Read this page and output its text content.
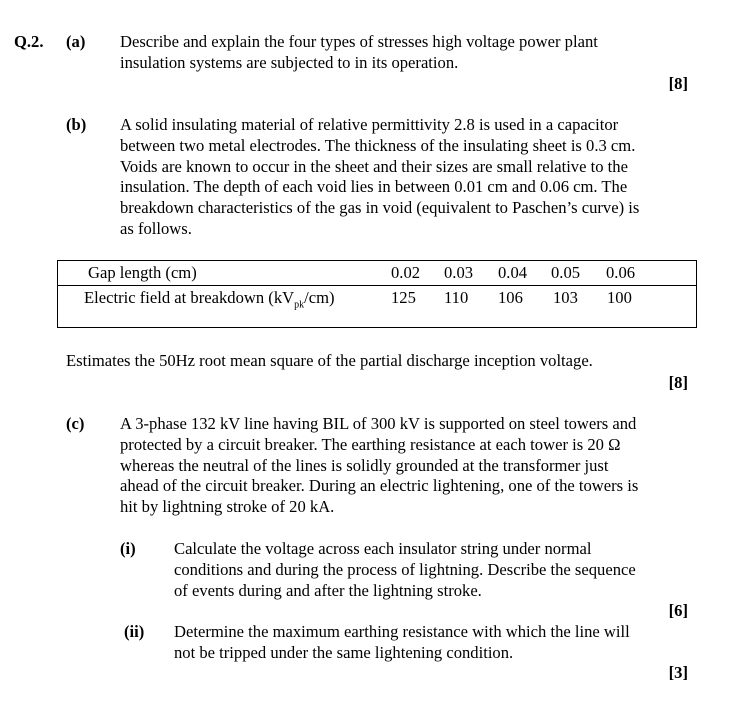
Q.2. (a) Describe and explain the four types of stresses high voltage power plant
insulation systems are subjected to in its operation.
[8]
(b) A solid insulating material of relative permittivity 2.8 is used in a capacitor
between two metal electrodes. The thickness of the insulating sheet is 0.3 cm.
Voids are known to occur in the sheet and their sizes are small relative to the
insulation. The depth of each void lies in between 0.01 cm and 0.06 cm. The
breakdown characteristics of the gas in void (equivalent to Paschen’s curve) is
as follows.
Gap length (cm)
Electric field at breakdown $(kV_{pk}/cm)$
0.02 0.03 0.04 0.05 0.06
125 110 106 103 100
Estimates the 50Hz root mean square of the partial discharge inception voltage.
[8]
(c) A 3-phase 132 kV line having BIL of 300 kV is supported on steel towers and
protected by a circuit breaker. The earthing resistance at each tower is 20 Ω
whereas the neutral of the lines is solidly grounded at the transformer just
ahead of the circuit breaker. During an electric lightening, one of the towers is
hit by lightning stroke of 20 kA.
(i) Calculate the voltage across each insulator string under normal
conditions and during the process of lightning. Describe the sequence
of events during and after the lightning stroke.
[6]
(ii) Determine the maximum earthing resistance with which the line will
not be tripped under the same lightening condition.
[3]
